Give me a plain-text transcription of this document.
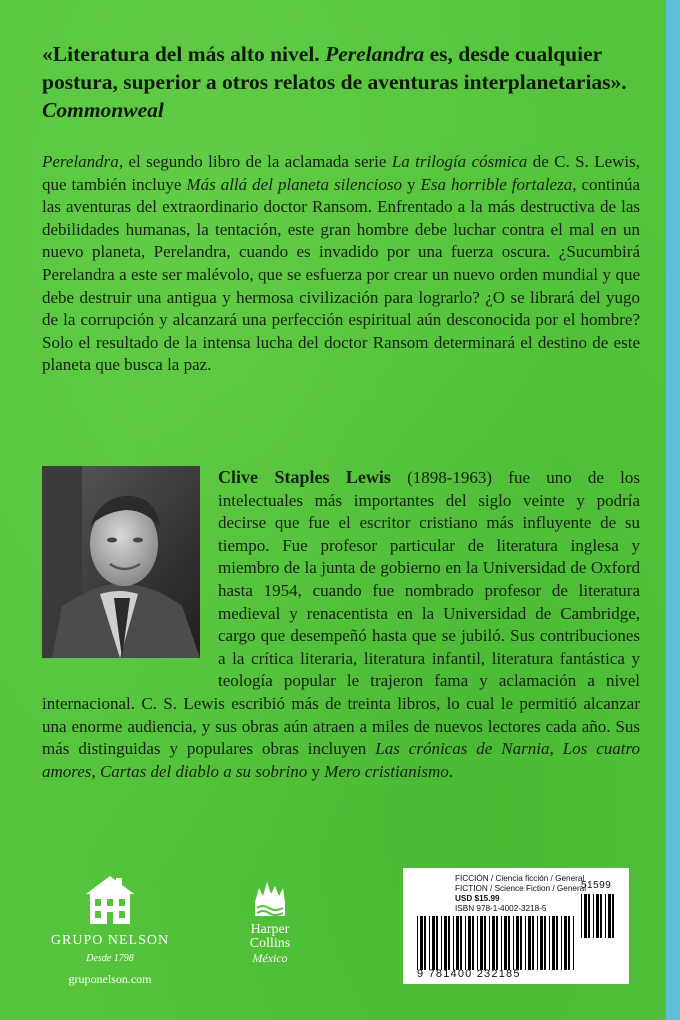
«Literatura del más alto nivel. Perelandra es, desde cualquier postura, superior a otros relatos de aventuras interplanetarias». Commonweal
Perelandra, el segundo libro de la aclamada serie La trilogía cósmica de C. S. Lewis, que también incluye Más allá del planeta silencioso y Esa horrible fortaleza, continúa las aventuras del extraordinario doctor Ransom. Enfrentado a la más destructiva de las debilidades humanas, la tentación, este gran hombre debe luchar contra el mal en un nuevo planeta, Perelandra, cuando es invadido por una fuerza oscura. ¿Sucumbirá Perelandra a este ser malévolo, que se esfuerza por crear un nuevo orden mundial y que debe destruir una antigua y hermosa civilización para lograrlo? ¿O se librará del yugo de la corrupción y alcanzará una perfección espiritual aún desconocida por el hombre? Solo el resultado de la intensa lucha del doctor Ransom determinará el destino de este planeta que busca la paz.
Clive Staples Lewis (1898-1963) fue uno de los intelectuales más importantes del siglo veinte y podría decirse que fue el escritor cristiano más influyente de su tiempo. Fue profesor particular de literatura inglesa y miembro de la junta de gobierno en la Universidad de Oxford hasta 1954, cuando fue nombrado profesor de literatura medieval y renacentista en la Universidad de Cambridge, cargo que desempeñó hasta que se jubiló. Sus contribuciones a la crítica literaria, literatura infantil, literatura fantástica y teología popular le trajeron fama y aclamación a nivel internacional. C. S. Lewis escribió más de treinta libros, lo cual le permitió alcanzar una enorme audiencia, y sus obras aún atraen a miles de nuevos lectores cada año. Sus más distinguidas y populares obras incluyen Las crónicas de Narnia, Los cuatro amores, Cartas del diablo a su sobrino y Mero cristianismo.
GRUPO NELSON
Desde 1798
gruponelson.com
Harper
Collins
México
FICCIÓN / Ciencia ficción / General
FICTION / Science Fiction / General
USD $15.99
ISBN 978-1-4002-3218-5
51599
9 781400 232185
